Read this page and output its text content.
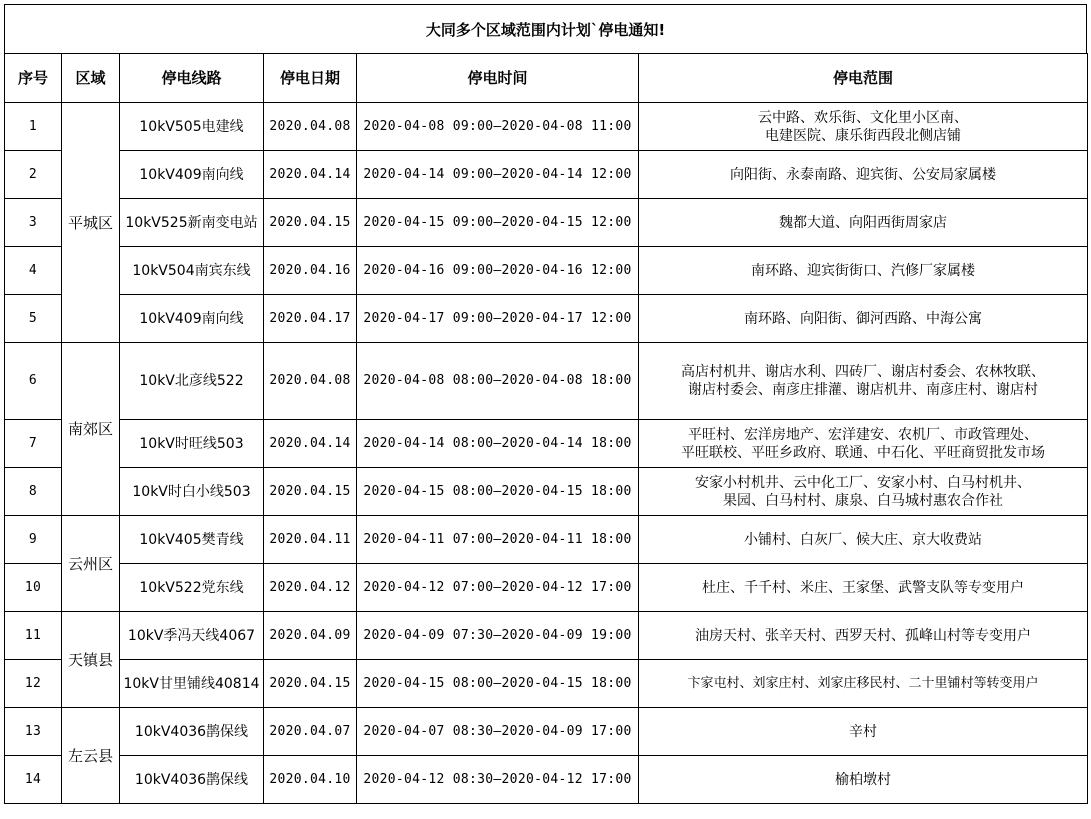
大同多个区域范围内计划`停电通知!
序号	区域	停电线路	停电日期	停电时间	停电范围
1	平城区	10kV505电建线	2020.04.08	2020-04-08 09:00—2020-04-08 11:00	云中路、欢乐街、文化里小区南、
电建医院、康乐街西段北侧店铺

2		10kV409南向线	2020.04.14	2020-04-14 09:00—2020-04-14 12:00	向阳街、永泰南路、迎宾街、公安局家属楼
3		10kV525新南变电站	2020.04.15	2020-04-15 09:00—2020-04-15 12:00	魏都大道、向阳西街周家店
4		10kV504南宾东线	2020.04.16	2020-04-16 09:00—2020-04-16 12:00	南环路、迎宾街街口、汽修厂家属楼
5		10kV409南向线	2020.04.17	2020-04-17 09:00—2020-04-17 12:00	南环路、向阳街、御河西路、中海公寓
6	南郊区	10kV北彦线522	2020.04.08	2020-04-08 08:00—2020-04-08 18:00	高店村机井、谢店水利、四砖厂、谢店村委会、农林牧联、
谢店村委会、南彦庄排灌、谢店机井、南彦庄村、谢店村

7		10kV时旺线503	2020.04.14	2020-04-14 08:00—2020-04-14 18:00	平旺村、宏洋房地产、宏洋建安、农机厂、市政管理处、
平旺联校、平旺乡政府、联通、中石化、平旺商贸批发市场

8		10kV时白小线503	2020.04.15	2020-04-15 08:00—2020-04-15 18:00	安家小村机井、云中化工厂、安家小村、白马村机井、
果园、白马村村、康泉、白马城村惠农合作社

9	云州区	10kV405樊青线	2020.04.11	2020-04-11 07:00—2020-04-11 18:00	小铺村、白灰厂、候大庄、京大收费站
10		10kV522党东线	2020.04.12	2020-04-12 07:00—2020-04-12 17:00	杜庄、千千村、米庄、王家堡、武警支队等专变用户
11	天镇县	10kV季冯天线4067	2020.04.09	2020-04-09 07:30—2020-04-09 19:00	油房天村、张辛天村、西罗天村、孤峰山村等专变用户
12		10kV甘里铺线40814	2020.04.15	2020-04-15 08:00—2020-04-15 18:00	卞家屯村、刘家庄村、刘家庄移民村、二十里铺村等转变用户
13	左云县	10kV4036鹊保线	2020.04.07	2020-04-07 08:30—2020-04-09 17:00	辛村
14		10kV4036鹊保线	2020.04.10	2020-04-12 08:30—2020-04-12 17:00	榆柏墩村
